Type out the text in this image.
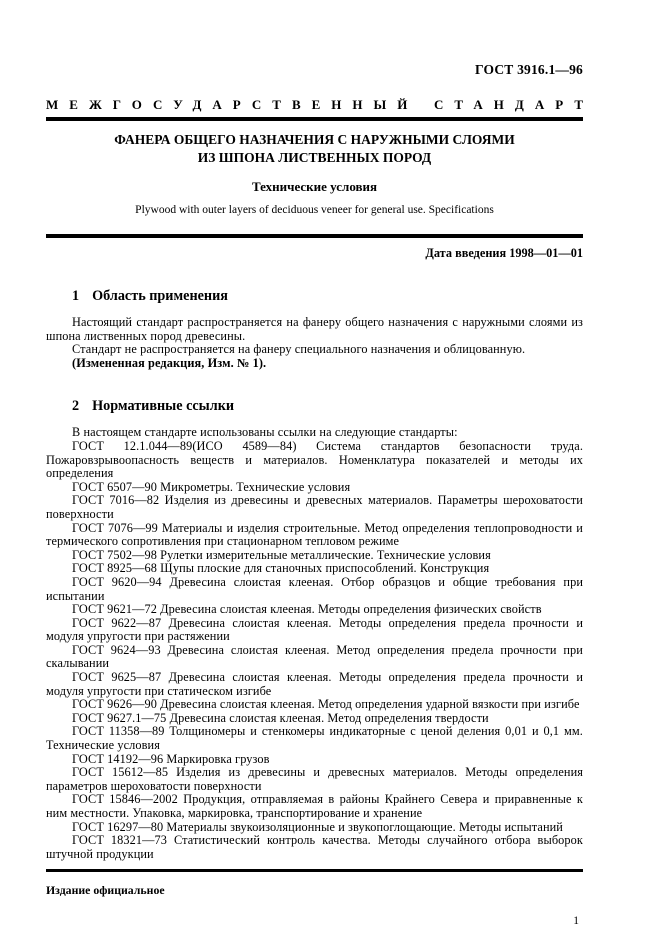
ГОСТ 3916.1—96
МЕЖГОСУДАРСТВЕННЫЙ СТАНДАРТ
ФАНЕРА ОБЩЕГО НАЗНАЧЕНИЯ С НАРУЖНЫМИ СЛОЯМИ
ИЗ ШПОНА ЛИСТВЕННЫХ ПОРОД
Технические условия
Plywood with outer layers of deciduous veneer for general use. Specifications
Дата введения 1998—01—01
1 Область применения

Настоящий стандарт распространяется на фанеру общего назначения с наружными слоями из шпона лиственных пород древесины.

Стандарт не распространяется на фанеру специального назначения и облицованную.

(Измененная редакция, Изм. № 1).

2 Нормативные ссылки

В настоящем стандарте использованы ссылки на следующие стандарты:

ГОСТ 12.1.044—89(ИСО 4589—84) Система стандартов безопасности труда. Пожаровзрывоопасность веществ и материалов. Номенклатура показателей и методы их определения

ГОСТ 6507—90 Микрометры. Технические условия

ГОСТ 7016—82 Изделия из древесины и древесных материалов. Параметры шероховатости поверхности

ГОСТ 7076—99 Материалы и изделия строительные. Метод определения теплопроводности и термического сопротивления при стационарном тепловом режиме

ГОСТ 7502—98 Рулетки измерительные металлические. Технические условия

ГОСТ 8925—68 Щупы плоские для станочных приспособлений. Конструкция

ГОСТ 9620—94 Древесина слоистая клееная. Отбор образцов и общие требования при испытании

ГОСТ 9621—72 Древесина слоистая клееная. Методы определения физических свойств

ГОСТ 9622—87 Древесина слоистая клееная. Методы определения предела прочности и модуля упругости при растяжении

ГОСТ 9624—93 Древесина слоистая клееная. Метод определения предела прочности при скалывании

ГОСТ 9625—87 Древесина слоистая клееная. Методы определения предела прочности и модуля упругости при статическом изгибе

ГОСТ 9626—90 Древесина слоистая клееная. Метод определения ударной вязкости при изгибе

ГОСТ 9627.1—75 Древесина слоистая клееная. Метод определения твердости

ГОСТ 11358—89 Толщиномеры и стенкомеры индикаторные с ценой деления 0,01 и 0,1 мм. Технические условия

ГОСТ 14192—96 Маркировка грузов

ГОСТ 15612—85 Изделия из древесины и древесных материалов. Методы определения параметров шероховатости поверхности

ГОСТ 15846—2002 Продукция, отправляемая в районы Крайнего Севера и приравненные к ним местности. Упаковка, маркировка, транспортирование и хранение

ГОСТ 16297—80 Материалы звукоизоляционные и звукопоглощающие. Методы испытаний

ГОСТ 18321—73 Статистический контроль качества. Методы случайного отбора выборок штучной продукции

Издание официальное
1
